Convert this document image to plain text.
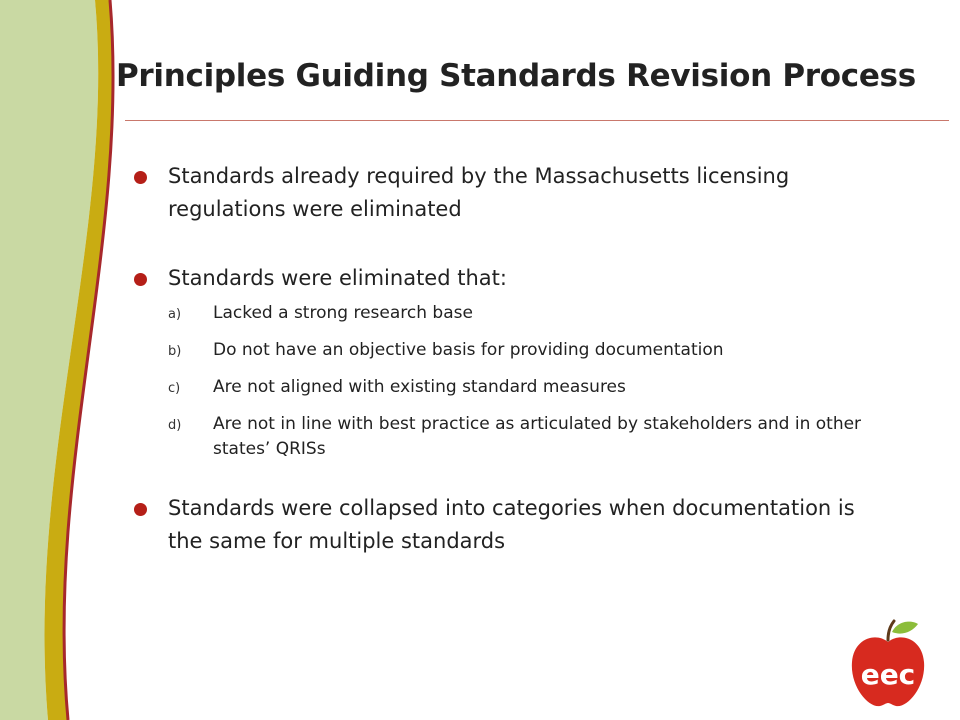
Principles Guiding Standards Revision Process
Standards already required by the Massachusetts licensing regulations were eliminated
Standards were eliminated that:
a) Lacked a strong research base
b) Do not have an objective basis for providing documentation
c) Are not aligned with existing standard measures
d) Are not in line with best practice as articulated by stakeholders and in other states’ QRISs
Standards were collapsed into categories when documentation is the same for multiple standards
eec
